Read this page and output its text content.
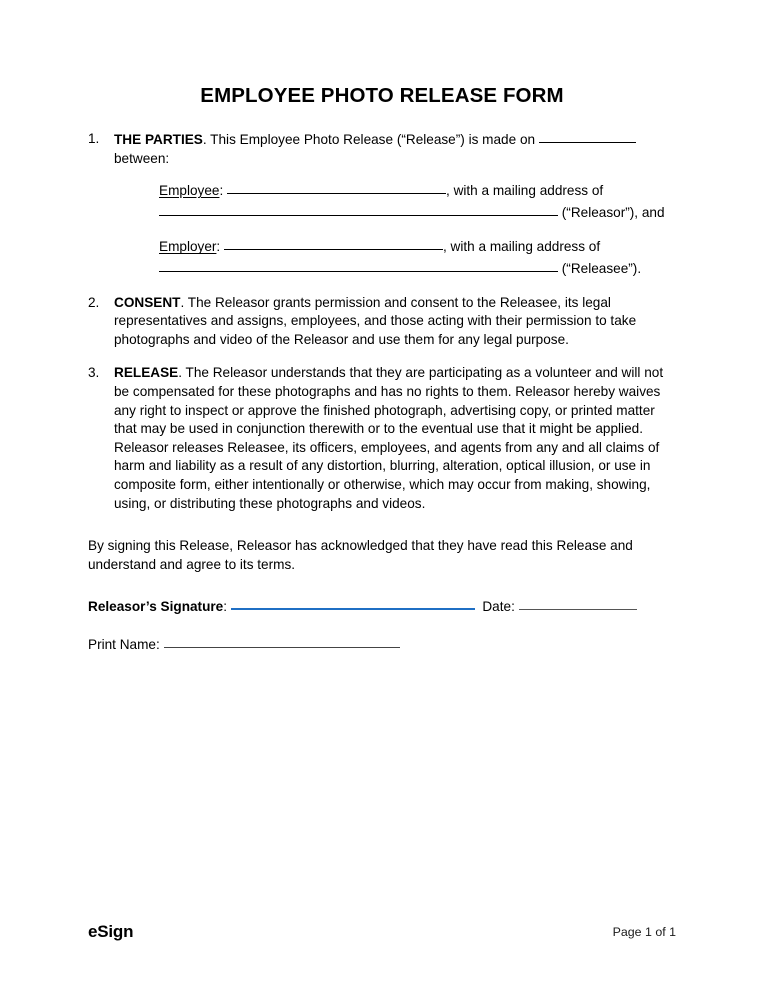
EMPLOYEE PHOTO RELEASE FORM
1.	THE PARTIES. This Employee Photo Release (“Release”) is made on  between:
Employee:	, with a mailing address of
(“Releasor”), and
Employer:	, with a mailing address of
(“Releasee”).
2.	CONSENT. The Releasor grants permission and consent to the Releasee, its legal representatives and assigns, employees, and those acting with their permission to take photographs and video of the Releasor and use them for any legal purpose.
3.	RELEASE. The Releasor understands that they are participating as a volunteer and will not be compensated for these photographs and has no rights to them. Releasor hereby waives any right to inspect or approve the finished photograph, advertising copy, or printed matter that may be used in conjunction therewith or to the eventual use that it might be applied. Releasor releases Releasee, its officers, employees, and agents from any and all claims of harm and liability as a result of any distortion, blurring, alteration, optical illusion, or use in composite form, either intentionally or otherwise, which may occur from making, showing, using, or distributing these photographs and videos.
By signing this Release, Releasor has acknowledged that they have read this Release and understand and agree to its terms.
Releasor’s Signature:	Date:
Print Name:
eSign	Page 1 of 1
